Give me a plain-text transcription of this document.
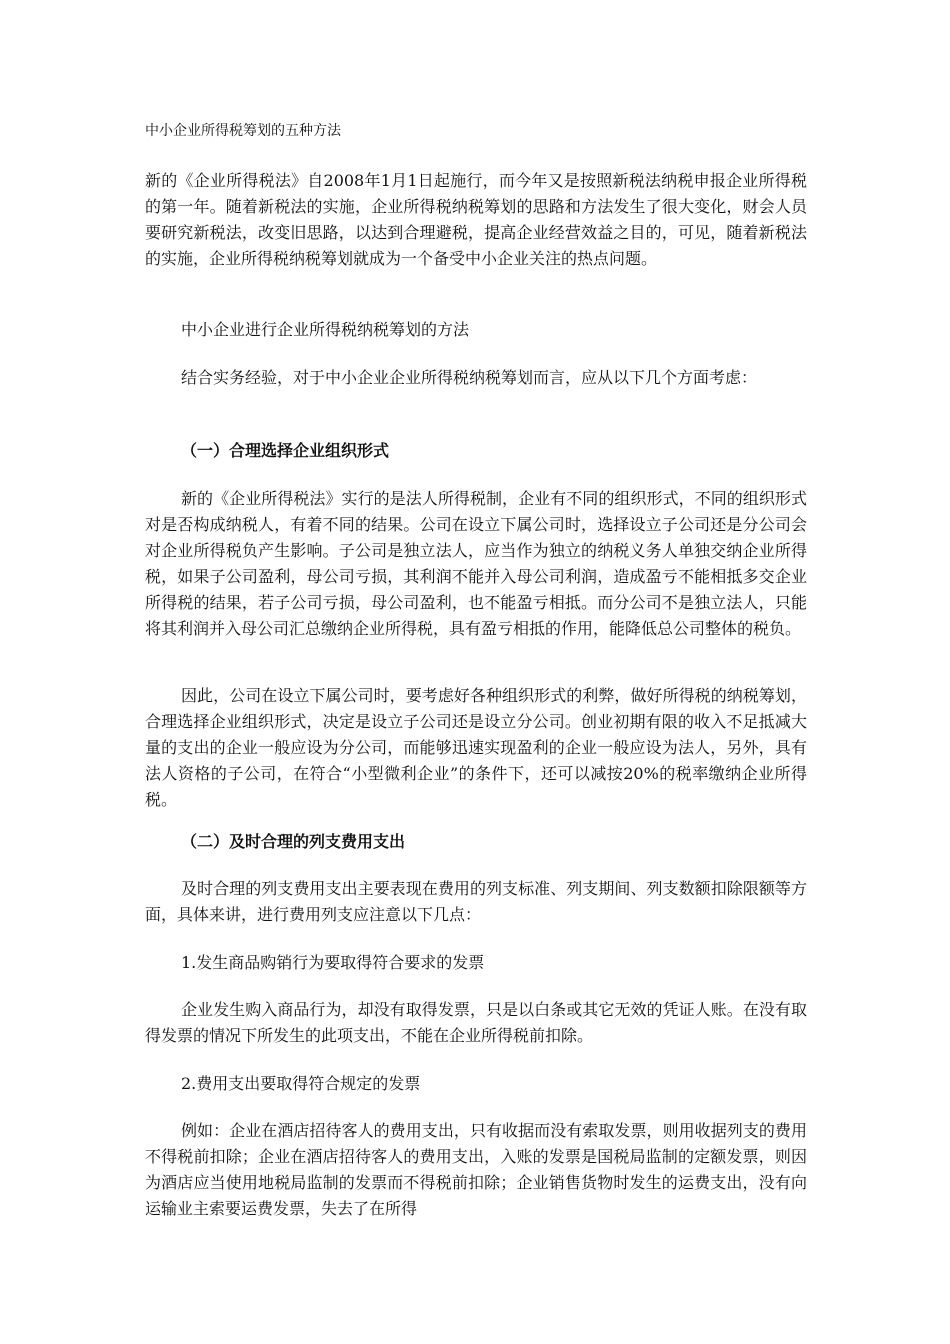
中小企业所得税筹划的五种方法
新的《企业所得税法》自2008年1月1日起施行，而今年又是按照新税法纳税申报企业所得税的第一年。随着新税法的实施，企业所得税纳税筹划的思路和方法发生了很大变化，财会人员要研究新税法，改变旧思路，以达到合理避税，提高企业经营效益之目的，可见，随着新税法的实施，企业所得税纳税筹划就成为一个备受中小企业关注的热点问题。
中小企业进行企业所得税纳税筹划的方法
结合实务经验，对于中小企业企业所得税纳税筹划而言，应从以下几个方面考虑：
（一）合理选择企业组织形式
新的《企业所得税法》实行的是法人所得税制，企业有不同的组织形式，不同的组织形式对是否构成纳税人，有着不同的结果。公司在设立下属公司时，选择设立子公司还是分公司会对企业所得税负产生影响。子公司是独立法人，应当作为独立的纳税义务人单独交纳企业所得税，如果子公司盈利，母公司亏损，其利润不能并入母公司利润，造成盈亏不能相抵多交企业所得税的结果，若子公司亏损，母公司盈利，也不能盈亏相抵。而分公司不是独立法人，只能将其利润并入母公司汇总缴纳企业所得税，具有盈亏相抵的作用，能降低总公司整体的税负。
因此，公司在设立下属公司时，要考虑好各种组织形式的利弊，做好所得税的纳税筹划，合理选择企业组织形式，决定是设立子公司还是设立分公司。创业初期有限的收入不足抵减大量的支出的企业一般应设为分公司，而能够迅速实现盈利的企业一般应设为法人，另外，具有法人资格的子公司，在符合“小型微利企业”的条件下，还可以减按20%的税率缴纳企业所得税。
（二）及时合理的列支费用支出
及时合理的列支费用支出主要表现在费用的列支标准、列支期间、列支数额扣除限额等方面，具体来讲，进行费用列支应注意以下几点：
1.发生商品购销行为要取得符合要求的发票
企业发生购入商品行为，却没有取得发票，只是以白条或其它无效的凭证人账。在没有取得发票的情况下所发生的此项支出，不能在企业所得税前扣除。
2.费用支出要取得符合规定的发票
例如：企业在酒店招待客人的费用支出，只有收据而没有索取发票，则用收据列支的费用不得税前扣除；企业在酒店招待客人的费用支出，入账的发票是国税局监制的定额发票，则因为酒店应当使用地税局监制的发票而不得税前扣除；企业销售货物时发生的运费支出，没有向运输业主索要运费发票，失去了在所得
